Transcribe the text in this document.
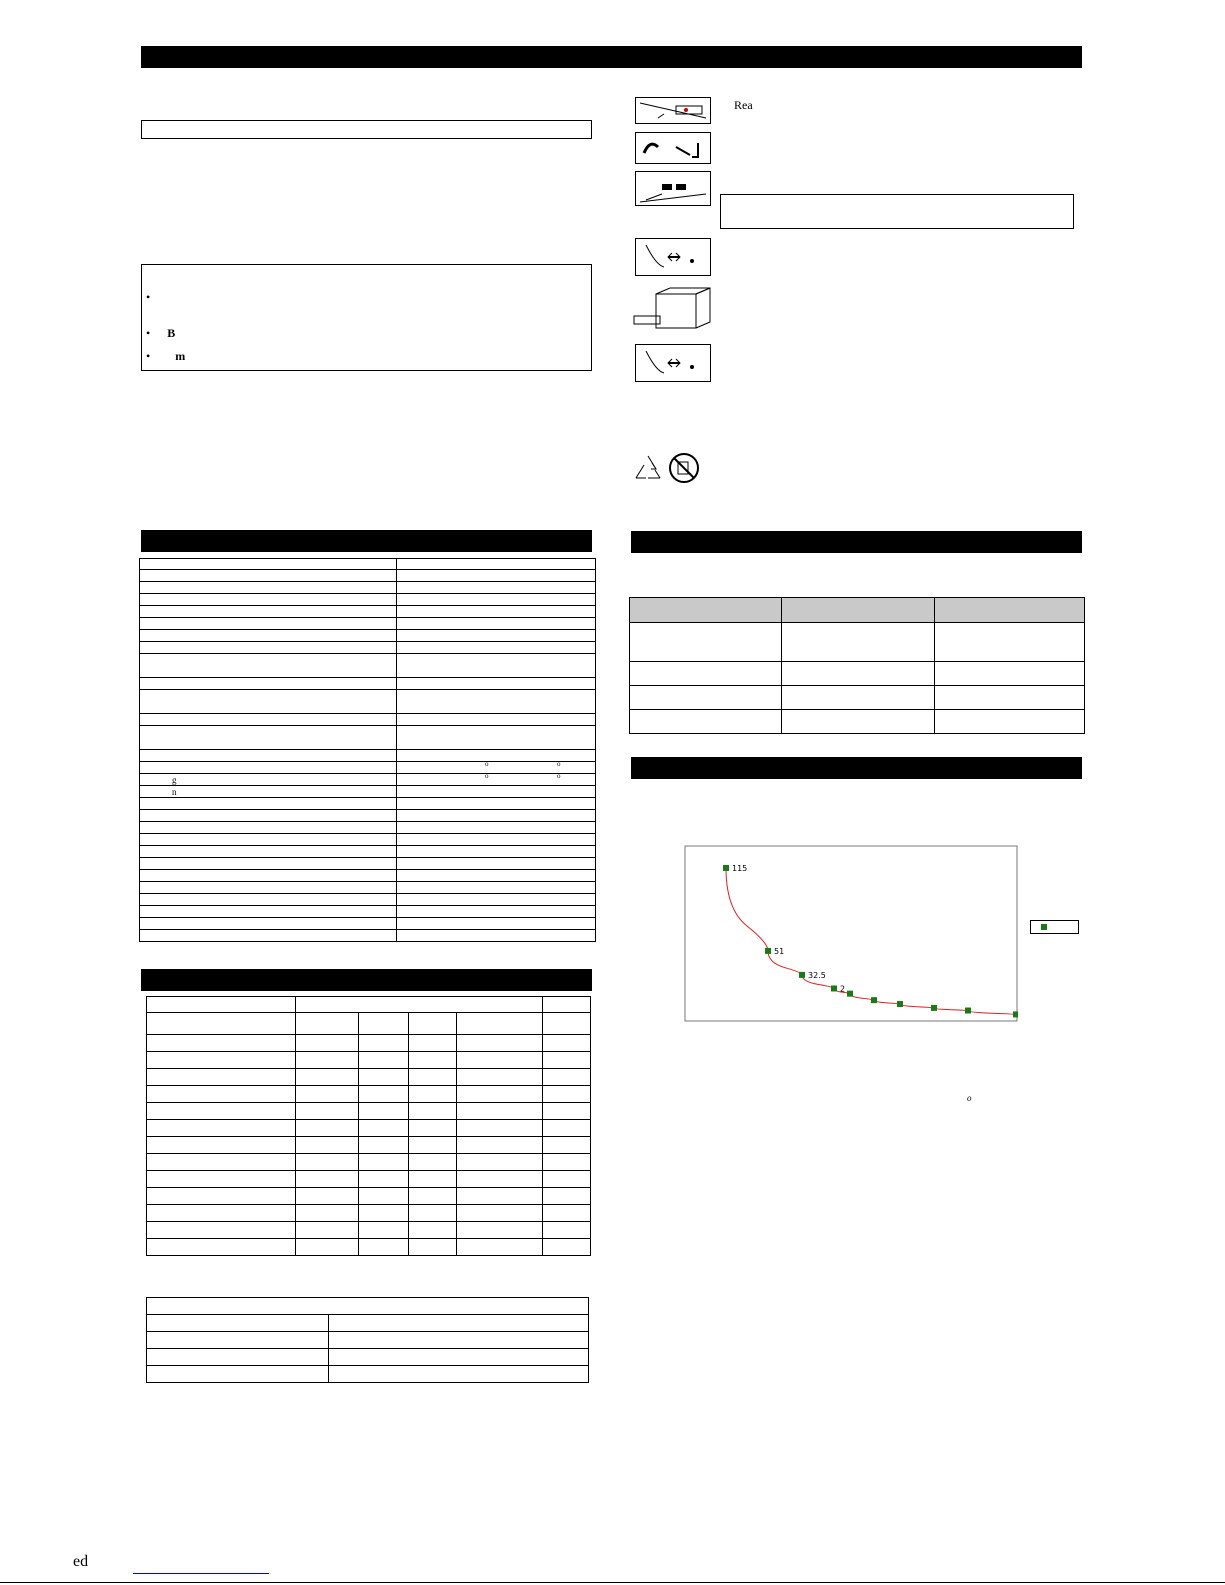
•
• B
• m

	o o

g	o o

n	

Rea

115
51
32.5
2
o
ed
